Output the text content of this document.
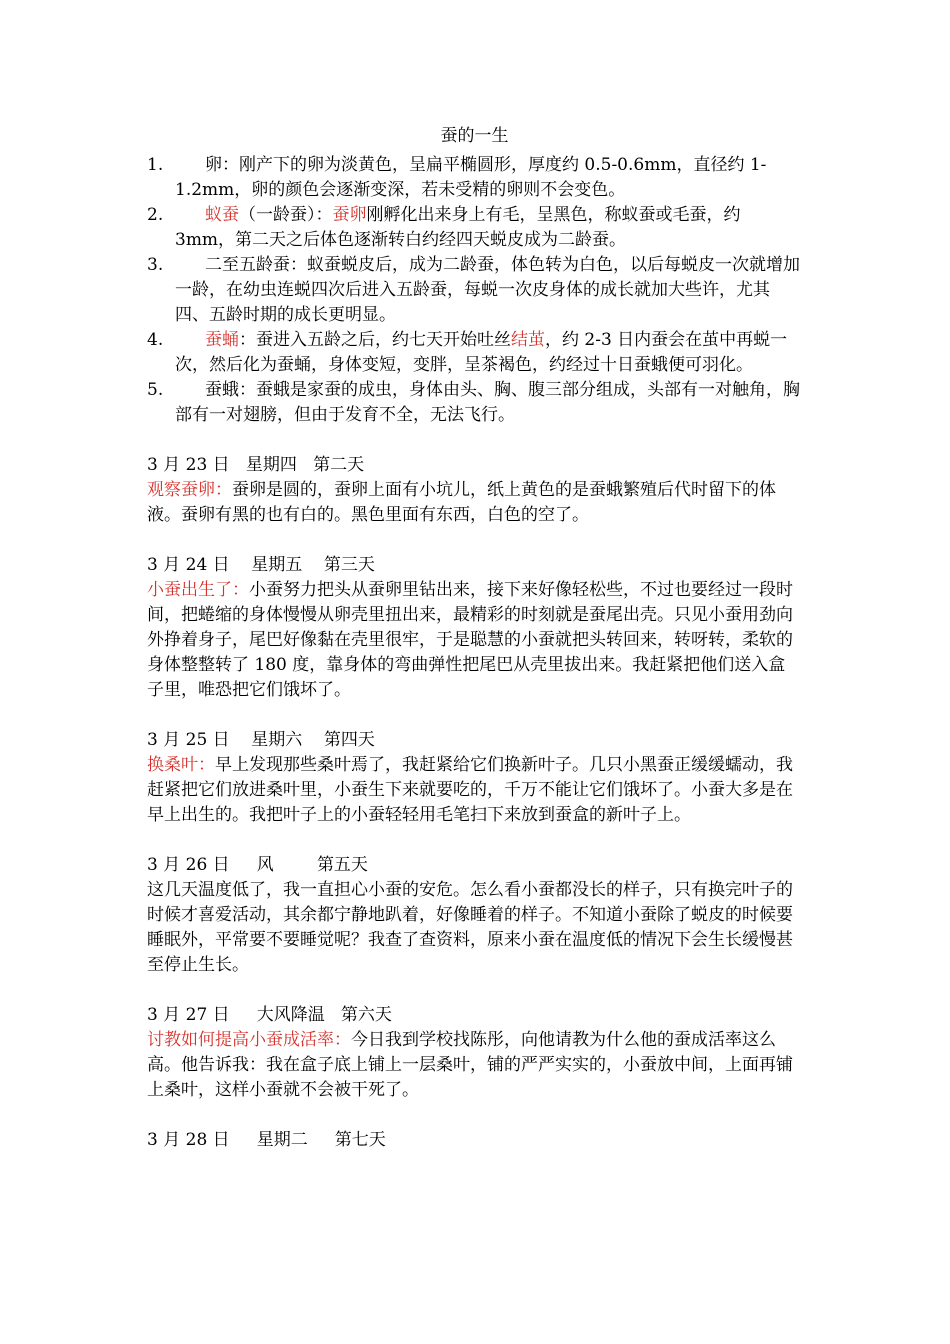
蚕的一生

1. 卵：刚产下的卵为淡黄色，呈扁平椭圆形，厚度约 0.5-0.6mm，直径约 1-1.2mm，卵的颜色会逐渐变深，若未受精的卵则不会变色。
2. 蚁蚕（一龄蚕）：蚕卵刚孵化出来身上有毛，呈黑色，称蚁蚕或毛蚕，约 3mm，第二天之后体色逐渐转白约经四天蜕皮成为二龄蚕。
3. 二至五龄蚕：蚁蚕蜕皮后，成为二龄蚕，体色转为白色，以后每蜕皮一次就增加一龄，在幼虫连蜕四次后进入五龄蚕，每蜕一次皮身体的成长就加大些许，尤其四、五龄时期的成长更明显。
4. 蚕蛹：蚕进入五龄之后，约七天开始吐丝结茧，约 2-3 日内蚕会在茧中再蜕一次，然后化为蚕蛹，身体变短，变胖，呈茶褐色，约经过十日蚕蛾便可羽化。
5. 蚕蛾：蚕蛾是家蚕的成虫，身体由头、胸、腹三部分组成，头部有一对触角，胸部有一对翅膀，但由于发育不全，无法飞行。

3 月 23 日 星期四 第二天

观察蚕卵：蚕卵是圆的，蚕卵上面有小坑儿，纸上黄色的是蚕蛾繁殖后代时留下的体液。蚕卵有黑的也有白的。黑色里面有东西，白色的空了。

3 月 24 日 星期五 第三天

小蚕出生了：小蚕努力把头从蚕卵里钻出来，接下来好像轻松些，不过也要经过一段时间，把蜷缩的身体慢慢从卵壳里扭出来，最精彩的时刻就是蚕尾出壳。只见小蚕用劲向外挣着身子，尾巴好像黏在壳里很牢，于是聪慧的小蚕就把头转回来，转呀转，柔软的身体整整转了 180 度，靠身体的弯曲弹性把尾巴从壳里拔出来。我赶紧把他们送入盒子里，唯恐把它们饿坏了。

3 月 25 日 星期六 第四天

换桑叶：早上发现那些桑叶焉了，我赶紧给它们换新叶子。几只小黑蚕正缓缓蠕动，我赶紧把它们放进桑叶里，小蚕生下来就要吃的，千万不能让它们饿坏了。小蚕大多是在早上出生的。我把叶子上的小蚕轻轻用毛笔扫下来放到蚕盒的新叶子上。

3 月 26 日 风	第五天

这几天温度低了，我一直担心小蚕的安危。怎么看小蚕都没长的样子，只有换完叶子的时候才喜爱活动，其余都宁静地趴着，好像睡着的样子。不知道小蚕除了蜕皮的时候要睡眠外，平常要不要睡觉呢？我查了查资料，原来小蚕在温度低的情况下会生长缓慢甚至停止生长。

3 月 27 日 大风降温 第六天

讨教如何提高小蚕成活率：今日我到学校找陈彤，向他请教为什么他的蚕成活率这么高。他告诉我：我在盒子底上铺上一层桑叶，铺的严严实实的，小蚕放中间，上面再铺上桑叶，这样小蚕就不会被干死了。

3 月 28 日 星期二 第七天
